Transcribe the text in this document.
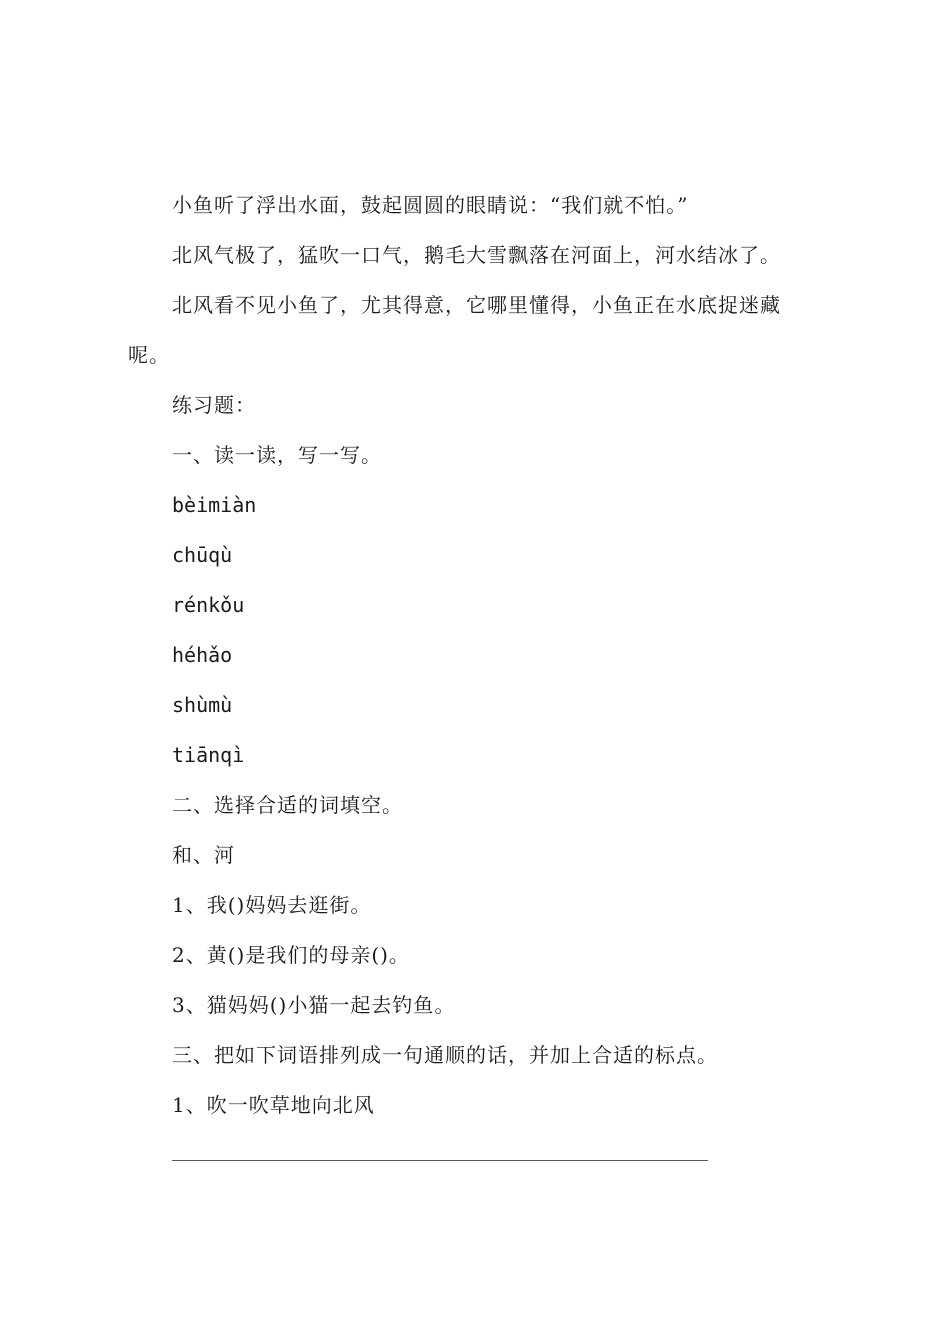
小鱼听了浮出水面，鼓起圆圆的眼睛说：“我们就不怕。”
北风气极了，猛吹一口气，鹅毛大雪飘落在河面上，河水结冰了。
北风看不见小鱼了，尤其得意，它哪里懂得，小鱼正在水底捉迷藏
呢。
练习题：
一、读一读，写一写。
bèimiàn
chūqù
rénkǒu
héhǎo
shùmù
tiānqì
二、选择合适的词填空。
和、河
1、我()妈妈去逛街。
2、黄()是我们的母亲()。
3、猫妈妈()小猫一起去钓鱼。
三、把如下词语排列成一句通顺的话，并加上合适的标点。
1、吹一吹草地向北风
